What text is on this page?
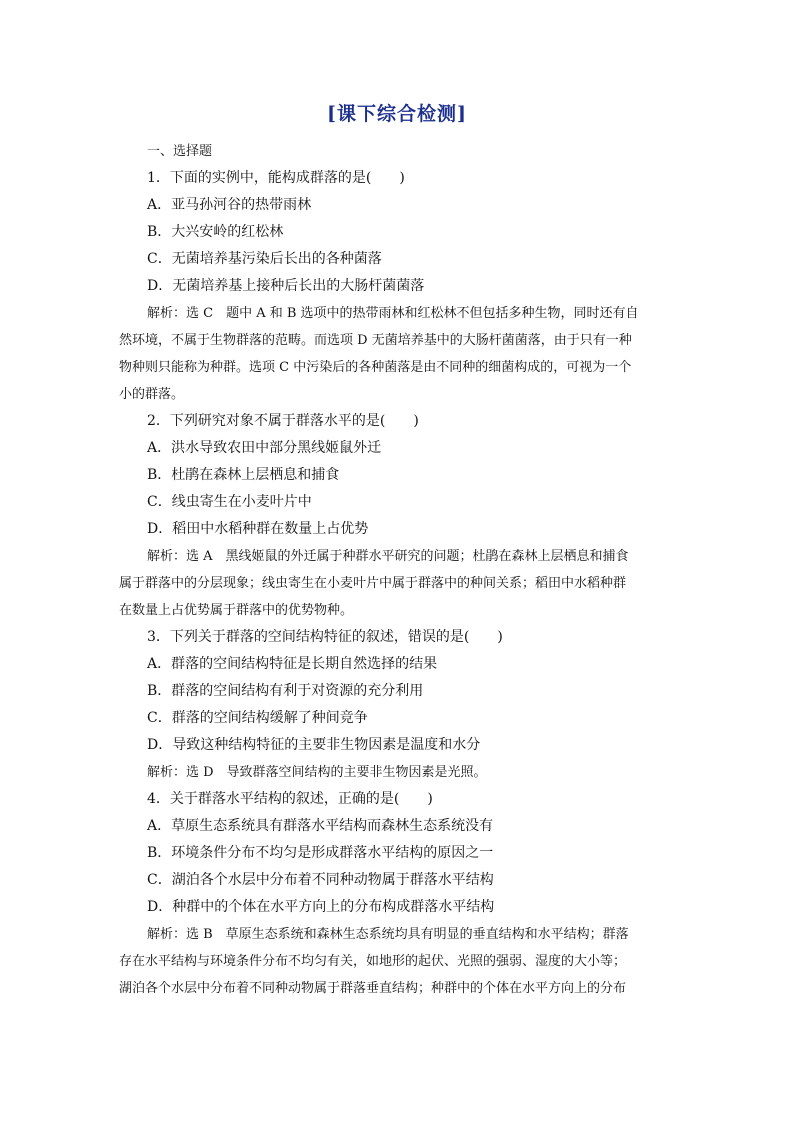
[课下综合检测]
一、选择题
1．下面的实例中，能构成群落的是(　　)
A．亚马孙河谷的热带雨林
B．大兴安岭的红松林
C．无菌培养基污染后长出的各种菌落
D．无菌培养基上接种后长出的大肠杆菌菌落
解析：选 C　题中 A 和 B 选项中的热带雨林和红松林不但包括多种生物，同时还有自
然环境，不属于生物群落的范畴。而选项 D 无菌培养基中的大肠杆菌菌落，由于只有一种
物种则只能称为种群。选项 C 中污染后的各种菌落是由不同种的细菌构成的，可视为一个
小的群落。
2．下列研究对象不属于群落水平的是(　　)
A．洪水导致农田中部分黑线姬鼠外迁
B．杜鹃在森林上层栖息和捕食
C．线虫寄生在小麦叶片中
D．稻田中水稻种群在数量上占优势
解析：选 A　黑线姬鼠的外迁属于种群水平研究的问题；杜鹃在森林上层栖息和捕食
属于群落中的分层现象；线虫寄生在小麦叶片中属于群落中的种间关系；稻田中水稻种群
在数量上占优势属于群落中的优势物种。
3．下列关于群落的空间结构特征的叙述，错误的是(　　)
A．群落的空间结构特征是长期自然选择的结果
B．群落的空间结构有利于对资源的充分利用
C．群落的空间结构缓解了种间竞争
D．导致这种结构特征的主要非生物因素是温度和水分
解析：选 D　导致群落空间结构的主要非生物因素是光照。
4．关于群落水平结构的叙述，正确的是(　　)
A．草原生态系统具有群落水平结构而森林生态系统没有
B．环境条件分布不均匀是形成群落水平结构的原因之一
C．湖泊各个水层中分布着不同种动物属于群落水平结构
D．种群中的个体在水平方向上的分布构成群落水平结构
解析：选 B　草原生态系统和森林生态系统均具有明显的垂直结构和水平结构；群落
存在水平结构与环境条件分布不均匀有关，如地形的起伏、光照的强弱、湿度的大小等；
湖泊各个水层中分布着不同种动物属于群落垂直结构；种群中的个体在水平方向上的分布
